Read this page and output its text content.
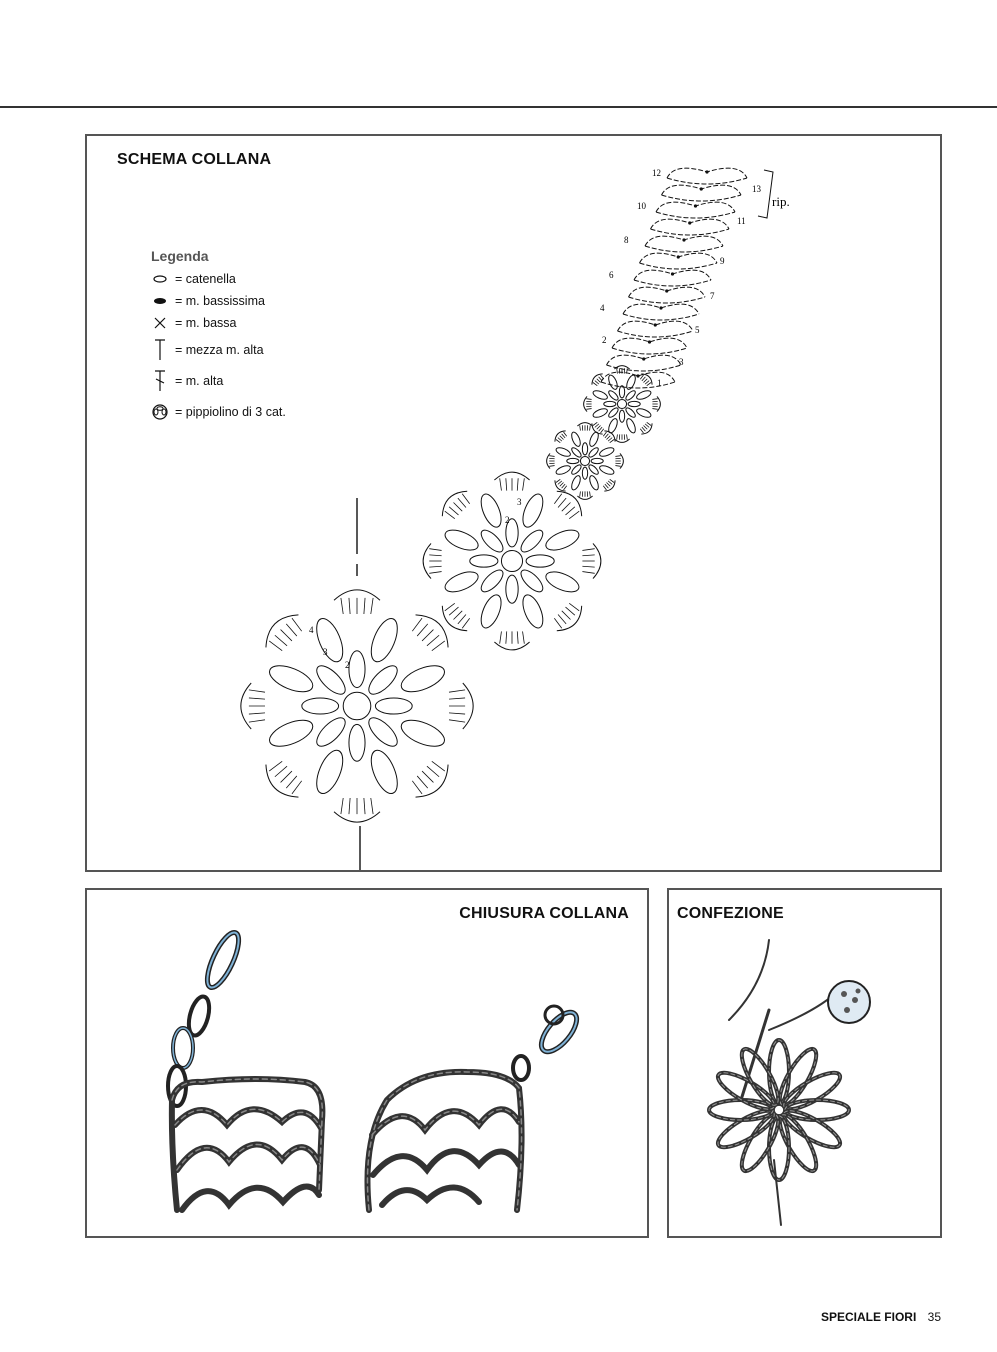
SCHEMA COLLANA
Legenda
= catenella
= m. bassissima
= m. bassa
= mezza m. alta
= m. alta
= pippiolino di 3 cat.
rip.
12
13
10
11
8
9
6
7
4
5
2
3
1
4
3
2
3
2
CHIUSURA COLLANA	CONFEZIONE
SPECIALE FIORI 35
